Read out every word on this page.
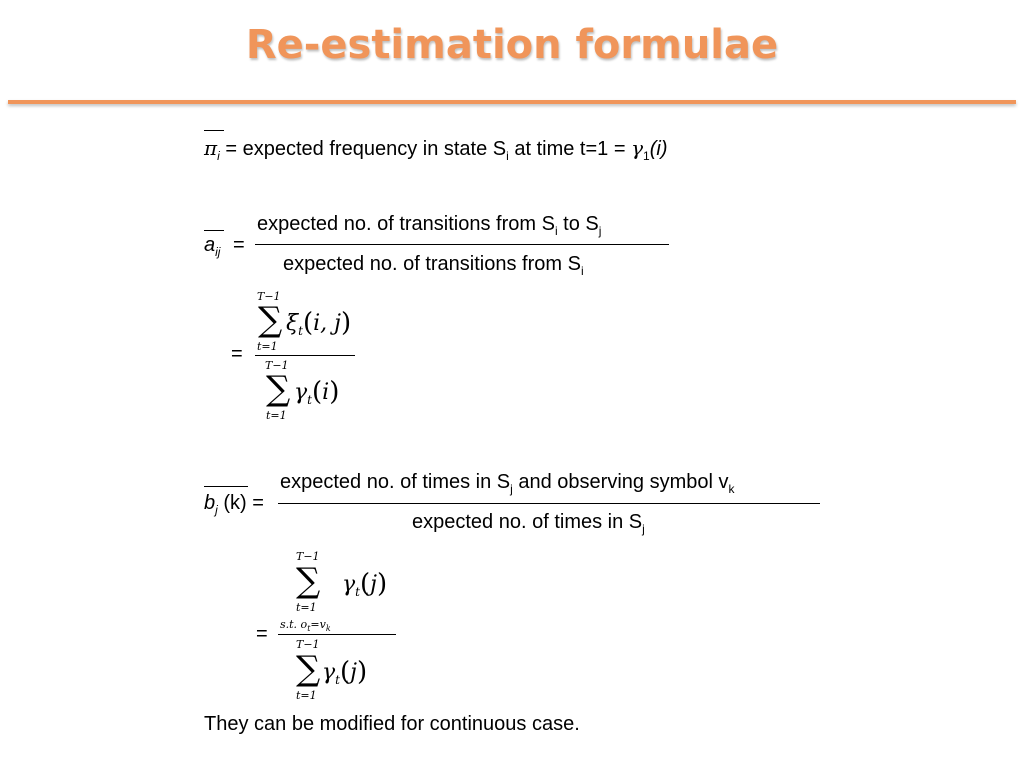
Re-estimation formulae
$\pi_i$ = expected frequency in state $S_i$ at time $t=1 = \gamma_1(i)$
$a_{ij}$ =
expected no. of transitions from $S_i$ to $S_j$
expected no. of transitions from $S_i$
=
T−1
∑
t=1
$\xi_t(i$, j)
T−1
∑
t=1
$\gamma_t(i)$
$b_j$ (k) =
expected no. of times in $S_j$ and observing symbol $v_k$
expected no. of times in $S_j$
=
T−1
∑
t=1
s.t. $o_t=v_k$
$\gamma_t(j)$
T−1
∑
t=1
$\gamma_t(j)$
They can be modified for continuous case.
